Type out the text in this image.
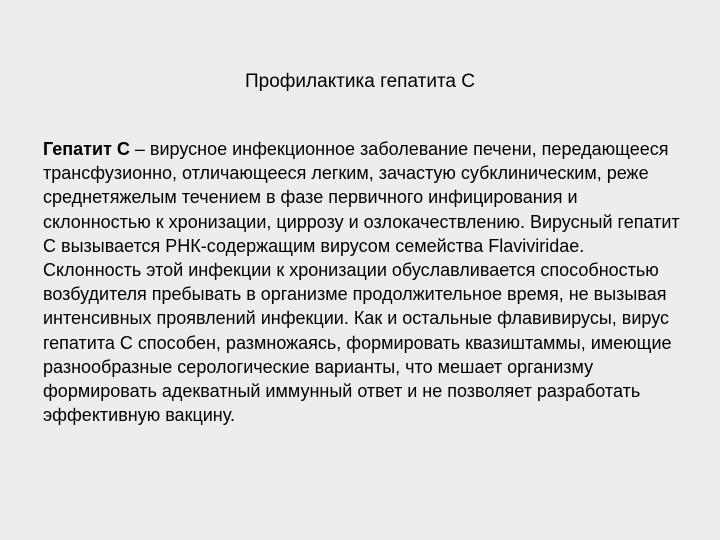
Профилактика гепатита С

Гепатит С – вирусное инфекционное заболевание печени, передающееся трансфузионно, отличающееся легким, зачастую субклиническим, реже среднетяжелым течением в фазе первичного инфицирования и склонностью к хронизации, циррозу и озлокачествлению. Вирусный гепатит С вызывается РНК-содержащим вирусом семейства Flaviviridae. Склонность этой инфекции к хронизации обуславливается способностью возбудителя пребывать в организме продолжительное время, не вызывая интенсивных проявлений инфекции. Как и остальные флавивирусы, вирус гепатита С способен, размножаясь, формировать квазиштаммы, имеющие разнообразные серологические варианты, что мешает организму формировать адекватный иммунный ответ и не позволяет разработать эффективную вакцину.
